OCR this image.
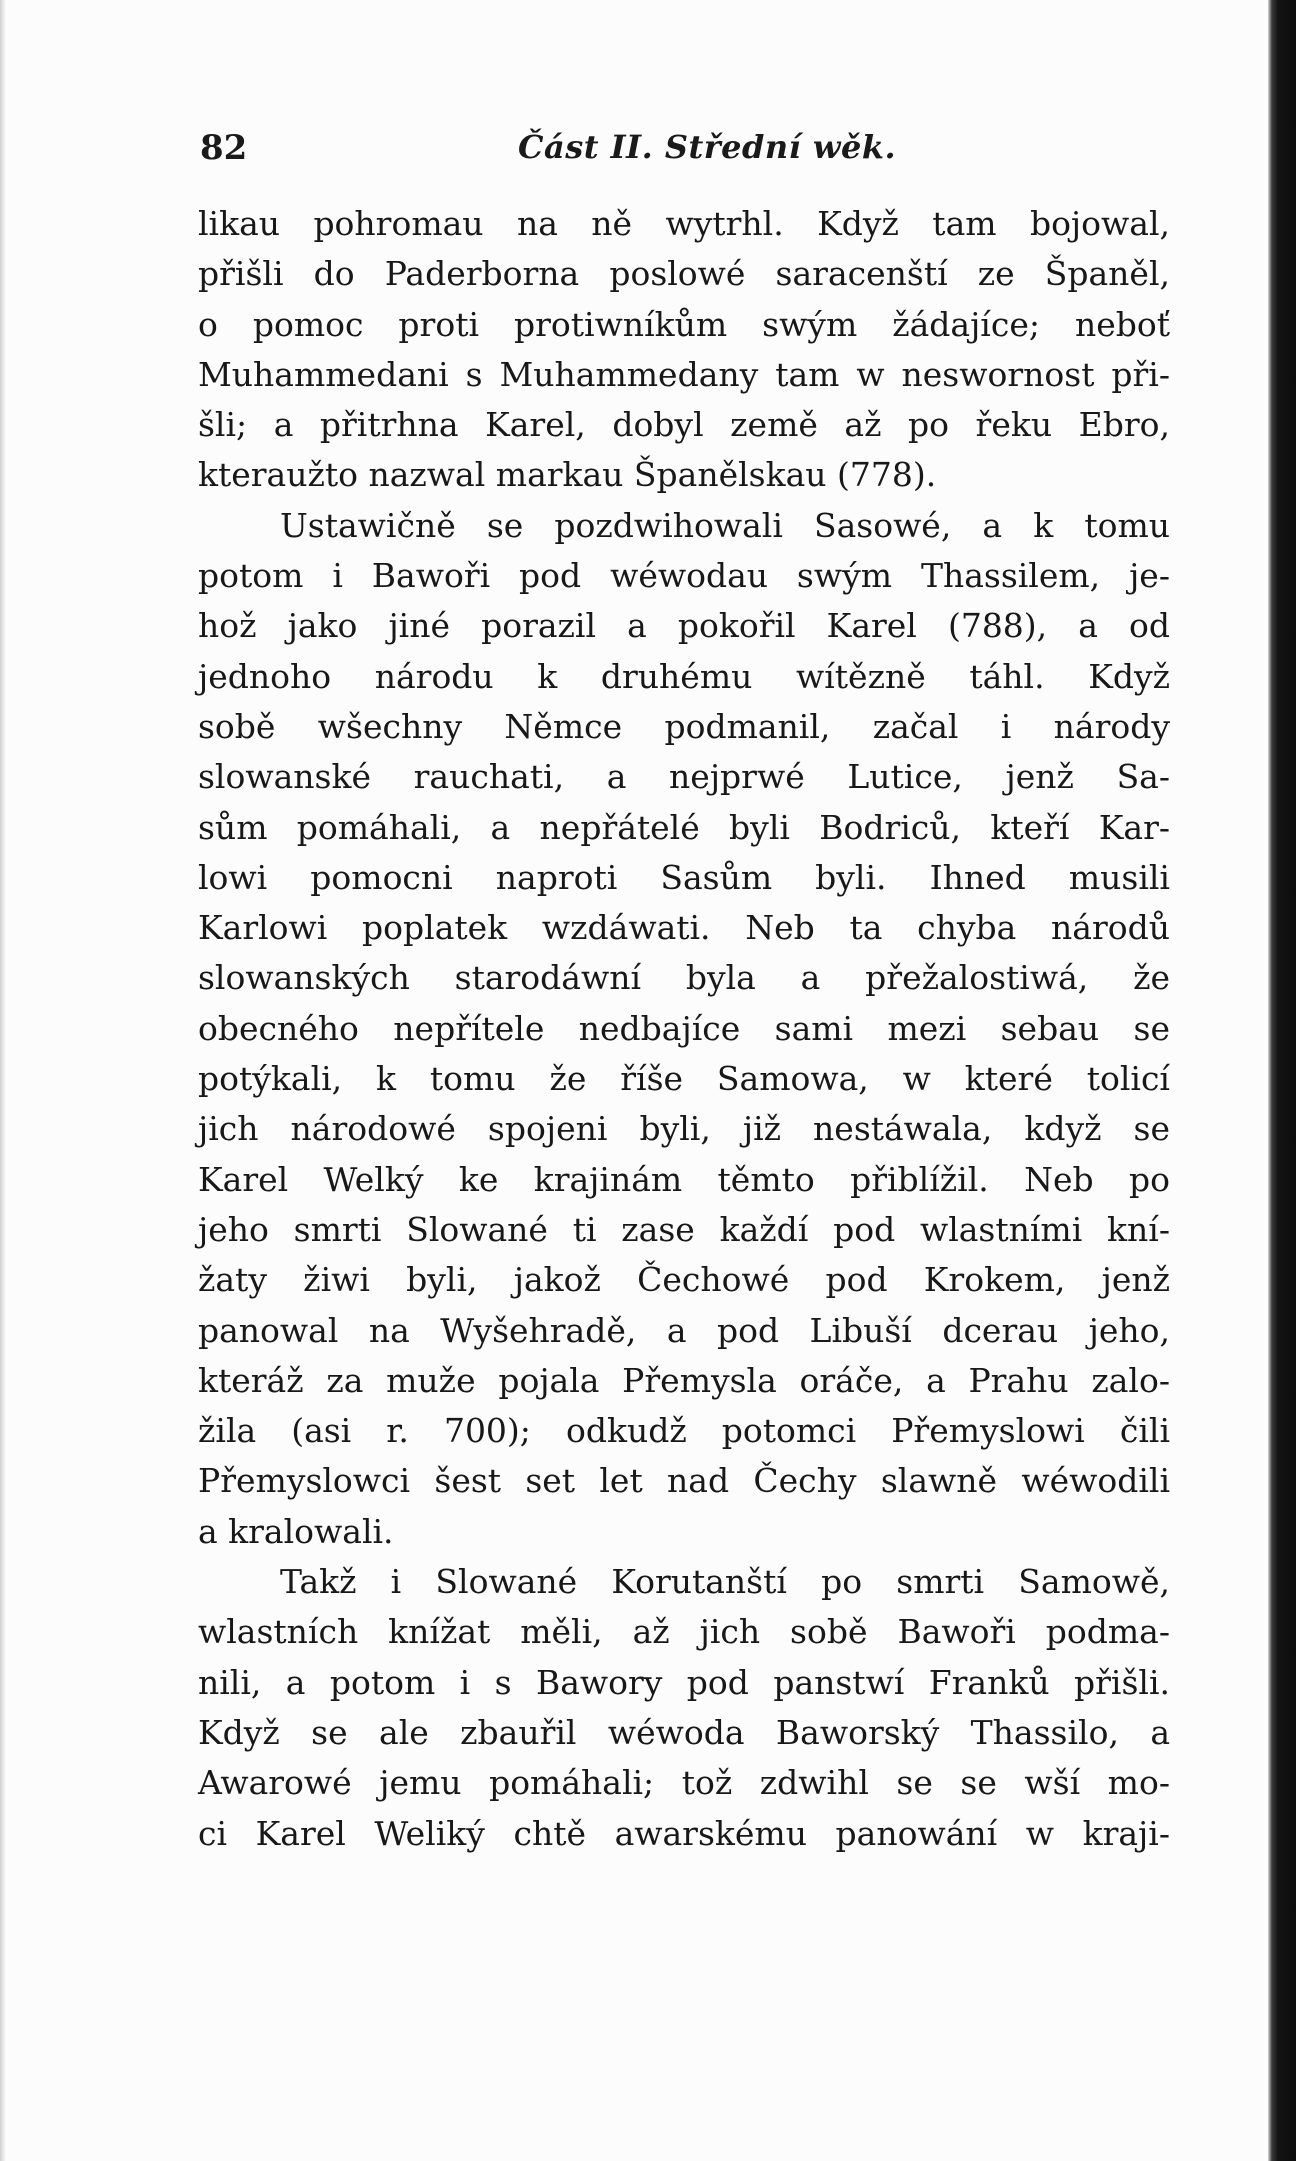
82	Část II. Střední wěk.
likau pohromau na ně wytrhl. Když tam bojowal,
přišli do Paderborna poslowé saracenští ze Španěl,
o pomoc proti protiwníkům swým žádajíce; neboť
Muhammedani s Muhammedany tam w neswornost při-
šli; a přitrhna Karel, dobyl země až po řeku Ebro,
kteraužto nazwal markau Španělskau (778).
Ustawičně se pozdwihowali Sasowé, a k tomu
potom i Bawoři pod wéwodau swým Thassilem, je-
hož jako jiné porazil a pokořil Karel (788), a od
jednoho národu k druhému wítězně táhl. Když
sobě wšechny Němce podmanil, začal i národy
slowanské rauchati, a nejprwé Lutice, jenž Sa-
sům pomáhali, a nepřátelé byli Bodriců, kteří Kar-
lowi pomocni naproti Sasům byli. Ihned musili
Karlowi poplatek wzdáwati. Neb ta chyba národů
slowanských starodáwní byla a přežalostiwá, že
obecného nepřítele nedbajíce sami mezi sebau se
potýkali, k tomu že říše Samowa, w které tolicí
jich národowé spojeni byli, již nestáwala, když se
Karel Welký ke krajinám těmto přiblížil. Neb po
jeho smrti Slowané ti zase každí pod wlastními kní-
žaty žiwi byli, jakož Čechowé pod Krokem, jenž
panowal na Wyšehradě, a pod Libuší dcerau jeho,
kteráž za muže pojala Přemysla oráče, a Prahu zalo-
žila (asi r. 700); odkudž potomci Přemyslowi čili
Přemyslowci šest set let nad Čechy slawně wéwodili
a kralowali.
Takž i Slowané Korutanští po smrti Samowě,
wlastních knížat měli, až jich sobě Bawoři podma-
nili, a potom i s Bawory pod panstwí Franků přišli.
Když se ale zbauřil wéwoda Baworský Thassilo, a
Awarowé jemu pomáhali; tož zdwihl se se wší mo-
ci Karel Weliký chtě awarskému panowání w kraji-
